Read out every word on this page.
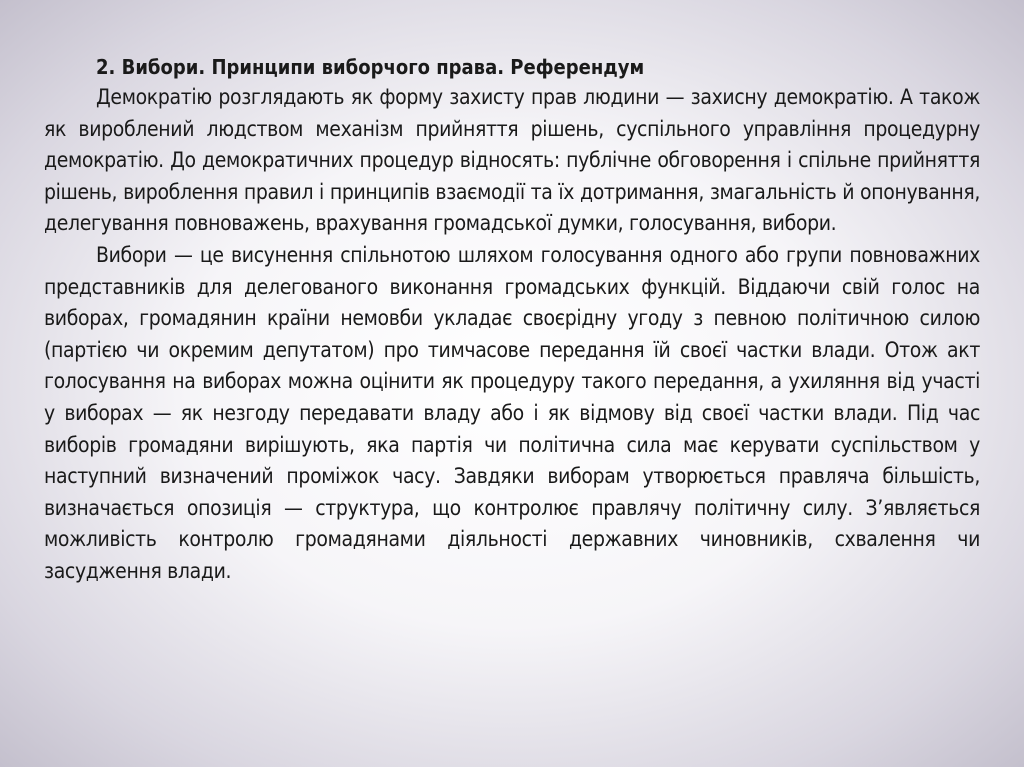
2. Вибори. Принципи виборчого права. Референдум

Демократію розглядають як форму захисту прав людини — захисну демократію. А також як вироблений людством механізм прийняття рішень, суспільного управління процедурну демократію. До демократичних процедур відносять: публічне обговорення і спільне прийняття рішень, вироблення правил і принципів взаємодії та їх дотримання, змагальність й опонування, делегування повноважень, врахування громадської думки, голосування, вибори.

Вибори — це висунення спільнотою шляхом голосування одного або групи повноважних представників для делегованого виконання громадських функцій. Віддаючи свій голос на виборах, громадянин країни немовби укладає своєрідну угоду з певною політичною силою (партією чи окремим депутатом) про тимчасове передання їй своєї частки влади. Отож акт голосування на виборах можна оцінити як процедуру такого передання, а ухиляння від участі у виборах — як незгоду передавати владу або і як відмову від своєї частки влади. Під час виборів громадяни вирішують, яка партія чи політична сила має керувати суспільством у наступний визначений проміжок часу. Завдяки виборам утворюється правляча більшість, визначається опозиція — структура, що контролює правлячу політичну силу. З’являється можливість контролю громадянами діяльності державних чиновників, схвалення чи засудження влади.
